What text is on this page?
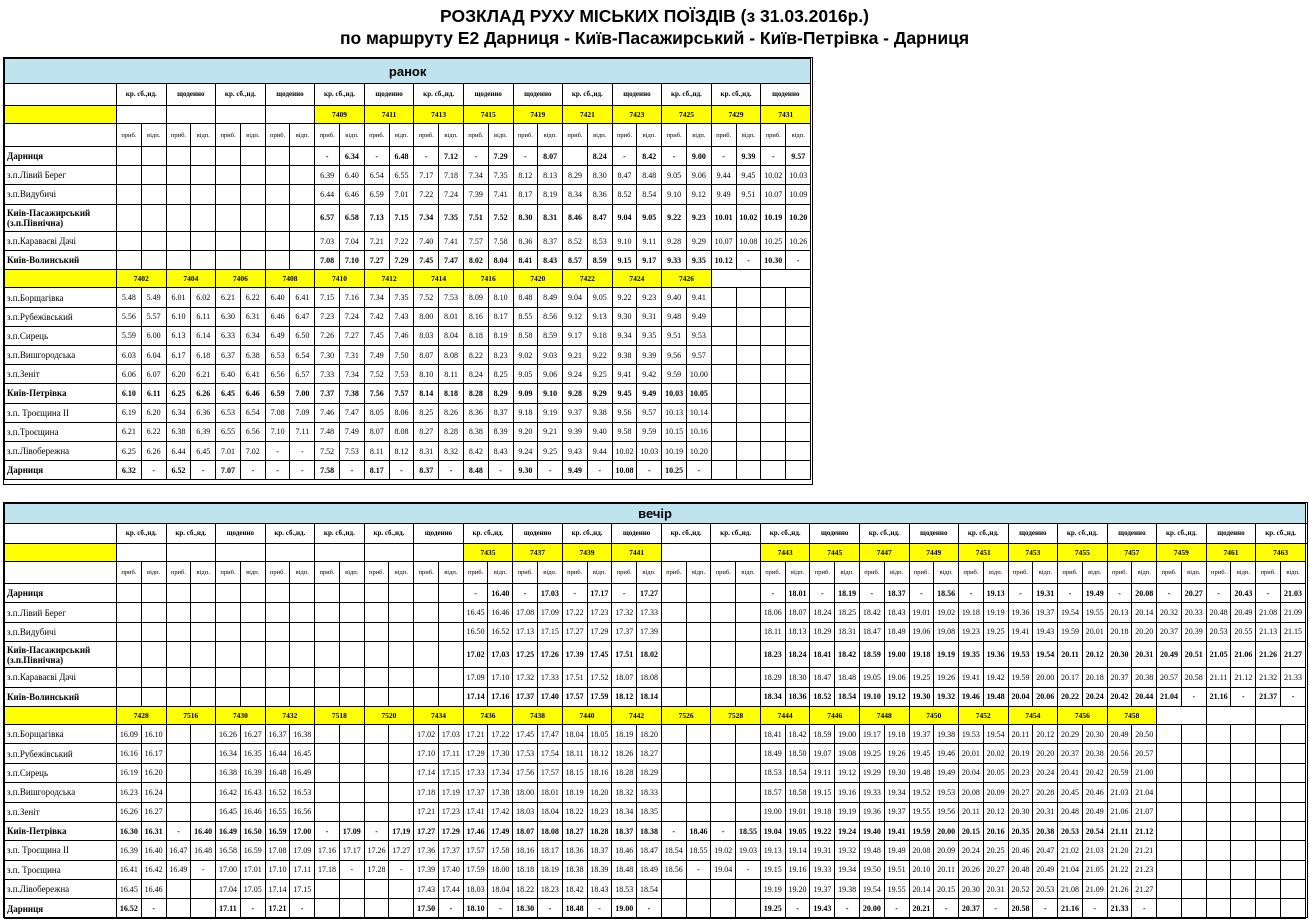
РОЗКЛАД РУХУ МІСЬКИХ ПОЇЗДІВ (з 31.03.2016р.)
по маршруту Е2 Дарниця - Київ-Пасажирський - Київ-Петрівка - Дарниця
ранок																												
	кр. сб.,нд.		щоденно		кр. сб.,нд.		щоденно		кр. сб.,нд.		щоденно		кр. сб.,нд.		щоденно		щоденно		кр. сб.,нд.		щоденно		кр. сб.,нд.		кр. сб.,нд.		щоденно	
									7409		7411		7413		7415		7419		7421		7423		7425		7429		7431	
	приб.	відп.	приб.	відп.	приб.	відп.	приб.	відп.	приб.	відп.	приб.	відп.	приб.	відп.	приб.	відп.	приб.	відп.	приб.	відп.	приб.	відп.	приб.	відп.	приб.	відп.	приб.	відп.
Дарниця									-	6.34	-	6.48	-	7.12	-	7.29	-	8.07		8.24	-	8.42	-	9.00	-	9.39	-	9.57
з.п.Лівий Берег									6.39	6.40	6.54	6.55	7.17	7.18	7.34	7.35	8.12	8.13	8.29	8.30	8.47	8.48	9.05	9.06	9.44	9.45	10.02	10.03
з.п.Видубичі									6.44	6.46	6.59	7.01	7.22	7.24	7.39	7.41	8.17	8.19	8.34	8.36	8.52	8.54	9.10	9.12	9.49	9.51	10.07	10.09
Київ-Пасажирський (з.п.Північна)									6.57	6.58	7.13	7.15	7.34	7.35	7.51	7.52	8.30	8.31	8.46	8.47	9.04	9.05	9.22	9.23	10.01	10.02	10.19	10.20
з.п.Караваєві Дачі									7.03	7.04	7.21	7.22	7.40	7.41	7.57	7.58	8.36	8.37	8.52	8.53	9.10	9.11	9.28	9.29	10.07	10.08	10.25	10.26
Київ-Волинський									7.08	7.10	7.27	7.29	7.45	7.47	8.02	8.04	8.41	8.43	8.57	8.59	9.15	9.17	9.33	9.35	10.12	-	10.30	-
	7402		7404		7406		7408		7410		7412		7414		7416		7420		7422		7424		7426					
з.п.Борщагівка	5.48	5.49	6.01	6.02	6.21	6.22	6.40	6.41	7.15	7.16	7.34	7.35	7.52	7.53	8.09	8.10	8.48	8.49	9.04	9.05	9.22	9.23	9.40	9.41				
з.п.Рубежівський	5.56	5.57	6.10	6.11	6.30	6.31	6.46	6.47	7.23	7.24	7.42	7.43	8.00	8.01	8.16	8.17	8.55	8.56	9.12	9.13	9.30	9.31	9.48	9.49				
з.п.Сирець	5.59	6.00	6.13	6.14	6.33	6.34	6.49	6.50	7.26	7.27	7.45	7.46	8.03	8.04	8.18	8.19	8.58	8.59	9.17	9.18	9.34	9.35	9.51	9.53				
з.п.Вишгородська	6.03	6.04	6.17	6.18	6.37	6.38	6.53	6.54	7.30	7.31	7.49	7.50	8.07	8.08	8.22	8.23	9.02	9.03	9.21	9.22	9.38	9.39	9.56	9.57				
з.п.Зеніт	6.06	6.07	6.20	6.21	6.40	6.41	6.56	6.57	7.33	7.34	7.52	7.53	8.10	8.11	8.24	8.25	9.05	9.06	9.24	9.25	9.41	9.42	9.59	10.00				
Київ-Петрівка	6.10	6.11	6.25	6.26	6.45	6.46	6.59	7.00	7.37	7.38	7.56	7.57	8.14	8.18	8.28	8.29	9.09	9.10	9.28	9.29	9.45	9.49	10.03	10.05				
з.п. Троєщина ІІ	6.19	6.20	6.34	6.36	6.53	6.54	7.08	7.09	7.46	7.47	8.05	8.06	8.25	8.26	8.36	8.37	9.18	9.19	9.37	9.38	9.56	9.57	10.13	10.14				
з.п.Троєщина	6.21	6.22	6.38	6.39	6.55	6.56	7.10	7.11	7.48	7.49	8.07	8.08	8.27	8.28	8.38	8.39	9.20	9.21	9.39	9.40	9.58	9.59	10.15	10.16				
з.п.Лівобережна	6.25	6.26	6.44	6.45	7.01	7.02	-	-	7.52	7.53	8.11	8.12	8.31	8.32	8.42	8.43	9.24	9.25	9.43	9.44	10.02	10.03	10.19	10.20				
Дарниця	6.32	-	6.52	-	7.07	-	-	-	7.58	-	8.17	-	8.37	-	8.48	-	9.30	-	9.49	-	10.08	-	10.25	-				
вечір																																																	
	кр. сб.,нд.		кр. сб.,нд.		щоденно		кр. сб.,нд.		кр. сб.,нд.		кр. сб.,нд.		щоденно		кр. сб.,нд.		щоденно		кр. сб.,нд.		щоденно		кр. сб.,нд.		кр. сб.,нд.		кр. сб.,нд.		щоденно		кр. сб.,нд.		щоденно		кр. сб.,нд.		щоденно		кр. сб.,нд.		щоденно		кр. сб.,нд.		щоденно		кр. сб.,нд.		
															7435		7437		7439		7441						7443		7445		7447		7449		7451		7453		7455		7457		7459		7461		7463		
	приб.	відп.	приб.	відп.	приб.	відп.	приб.	відп.	приб.	відп.	приб.	відп.	приб.	відп.	приб.	відп.	приб.	відп.	приб.	відп.	приб.	відп.	приб.	відп.	приб.	відп.	приб.	відп.	приб.	відп.	приб.	відп.	приб.	відп.	приб.	відп.	приб.	відп.	приб.	відп.	приб.	відп.	приб.	відп.	приб.	відп.	приб.	відп.	
Дарниця															-	16.40	-	17.03	-	17.17	-	17.27					-	18.01	-	18.19	-	18.37	-	18.56	-	19.13	-	19.31	-	19.49	-	20.08	-	20.27	-	20.43	-	21.03	
з.п.Лівий Берег															16.45	16.46	17.08	17.09	17.22	17.23	17.32	17.33					18.06	18.07	18.24	18.25	18.42	18.43	19.01	19.02	19.18	19.19	19.36	19.37	19.54	19.55	20.13	20.14	20.32	20.33	20.48	20.49	21.08	21.09	
з.п.Видубичі															16.50	16.52	17.13	17.15	17.27	17.29	17.37	17.39					18.11	18.13	18.29	18.31	18.47	18.49	19.06	19.08	19.23	19.25	19.41	19.43	19.59	20.01	20.18	20.20	20.37	20.39	20.53	20.55	21.13	21.15	
Київ-Пасажирський (з.п.Північна)															17.02	17.03	17.25	17.26	17.39	17.45	17.51	18.02					18.23	18.24	18.41	18.42	18.59	19.00	19.18	19.19	19.35	19.36	19.53	19.54	20.11	20.12	20.30	20.31	20.49	20.51	21.05	21.06	21.26	21.27	
з.п.Караваєві Дачі															17.09	17.10	17.32	17.33	17.51	17.52	18.07	18.08					18.29	18.30	18.47	18.48	19.05	19.06	19.25	19.26	19.41	19.42	19.59	20.00	20.17	20.18	20.37	20.38	20.57	20.58	21.11	21.12	21.32	21.33	
Київ-Волинський															17.14	17.16	17.37	17.40	17.57	17.59	18.12	18.14					18.34	18.36	18.52	18.54	19.10	19.12	19.30	19.32	19.46	19.48	20.04	20.06	20.22	20.24	20.42	20.44	21.04	-	21.16	-	21.37	-	
	7428		7516		7430		7432		7518		7520		7434		7436		7438		7440		7442		7526		7528		7444		7446		7448		7450		7452		7454		7456		7458								
з.п.Борщагівка	16.09	16.10			16.26	16.27	16.37	16.38					17.02	17.03	17.21	17.22	17.45	17.47	18.04	18.05	18.19	18.20					18.41	18.42	18.59	19.00	19.17	19.18	19.37	19.38	19.53	19.54	20.11	20.12	20.29	20.30	20.49	20.50							
з.п.Рубежівський	16.16	16.17			16.34	16.35	16.44	16.45					17.10	17.11	17.29	17.30	17.53	17.54	18.11	18.12	18.26	18.27					18.49	18.50	19.07	19.08	19.25	19.26	19.45	19.46	20.01	20.02	20.19	20.20	20.37	20.38	20.56	20.57							
з.п.Сирець	16.19	16.20			16.38	16.39	16.48	16.49					17.14	17.15	17.33	17.34	17.56	17.57	18.15	18.16	18.28	18.29					18.53	18.54	19.11	19.12	19.29	19.30	19.48	19.49	20.04	20.05	20.23	20.24	20.41	20.42	20.59	21.00							
з.п.Вишгородська	16.23	16.24			16.42	16.43	16.52	16.53					17.18	17.19	17.37	17.38	18.00	18.01	18.19	18.20	18.32	18.33					18.57	18.58	19.15	19.16	19.33	19.34	19.52	19.53	20.08	20.09	20.27	20.28	20.45	20.46	21.03	21.04							
з.п.Зеніт	16.26	16.27			16.45	16.46	16.55	16.56					17.21	17.23	17.41	17.42	18.03	18.04	18.22	18.23	18.34	18.35					19.00	19.01	19.18	19.19	19.36	19.37	19.55	19.56	20.11	20.12	20.30	20.31	20.48	20.49	21.06	21.07							
Київ-Петрівка	16.30	16.31	-	16.40	16.49	16.50	16.59	17.00	-	17.09	-	17.19	17.27	17.29	17.46	17.49	18.07	18.08	18.27	18.28	18.37	18.38	-	18.46	-	18.55	19.04	19.05	19.22	19.24	19.40	19.41	19.59	20.00	20.15	20.16	20.35	20.38	20.53	20.54	21.11	21.12							
з.п. Троєщина ІІ	16.39	16.40	16.47	16.48	16.58	16.59	17.08	17.09	17.16	17.17	17.26	17.27	17.36	17.37	17.57	17.58	18.16	18.17	18.36	18.37	18.46	18.47	18.54	18.55	19.02	19.03	19.13	19.14	19.31	19.32	19.48	19.49	20.08	20.09	20.24	20.25	20.46	20.47	21.02	21.03	21.20	21.21							
з.п. Троєщина	16.41	16.42	16.49	-	17.00	17.01	17.10	17.11	17.18	-	17.28	-	17.39	17.40	17.59	18.00	18.18	18.19	18.38	18.39	18.48	18.49	18.56	-	19.04	-	19.15	19.16	19.33	19.34	19.50	19.51	20.10	20.11	20.26	20.27	20.48	20.49	21.04	21.05	21.22	21.23							
з.п.Лівобережна	16.45	16.46			17.04	17.05	17.14	17.15					17.43	17.44	18.03	18.04	18.22	18.23	18.42	18.43	18.53	18.54					19.19	19.20	19.37	19.38	19.54	19.55	20.14	20.15	20.30	20.31	20.52	20.53	21.08	21.09	21.26	21.27							
Дарниця	16.52	-			17.11	-	17.21	-					17.50	-	18.10	-	18.30	-	18.48	-	19.00	-					19.25	-	19.43	-	20.00	-	20.21	-	20.37	-	20.58	-	21.16	-	21.33	-							
